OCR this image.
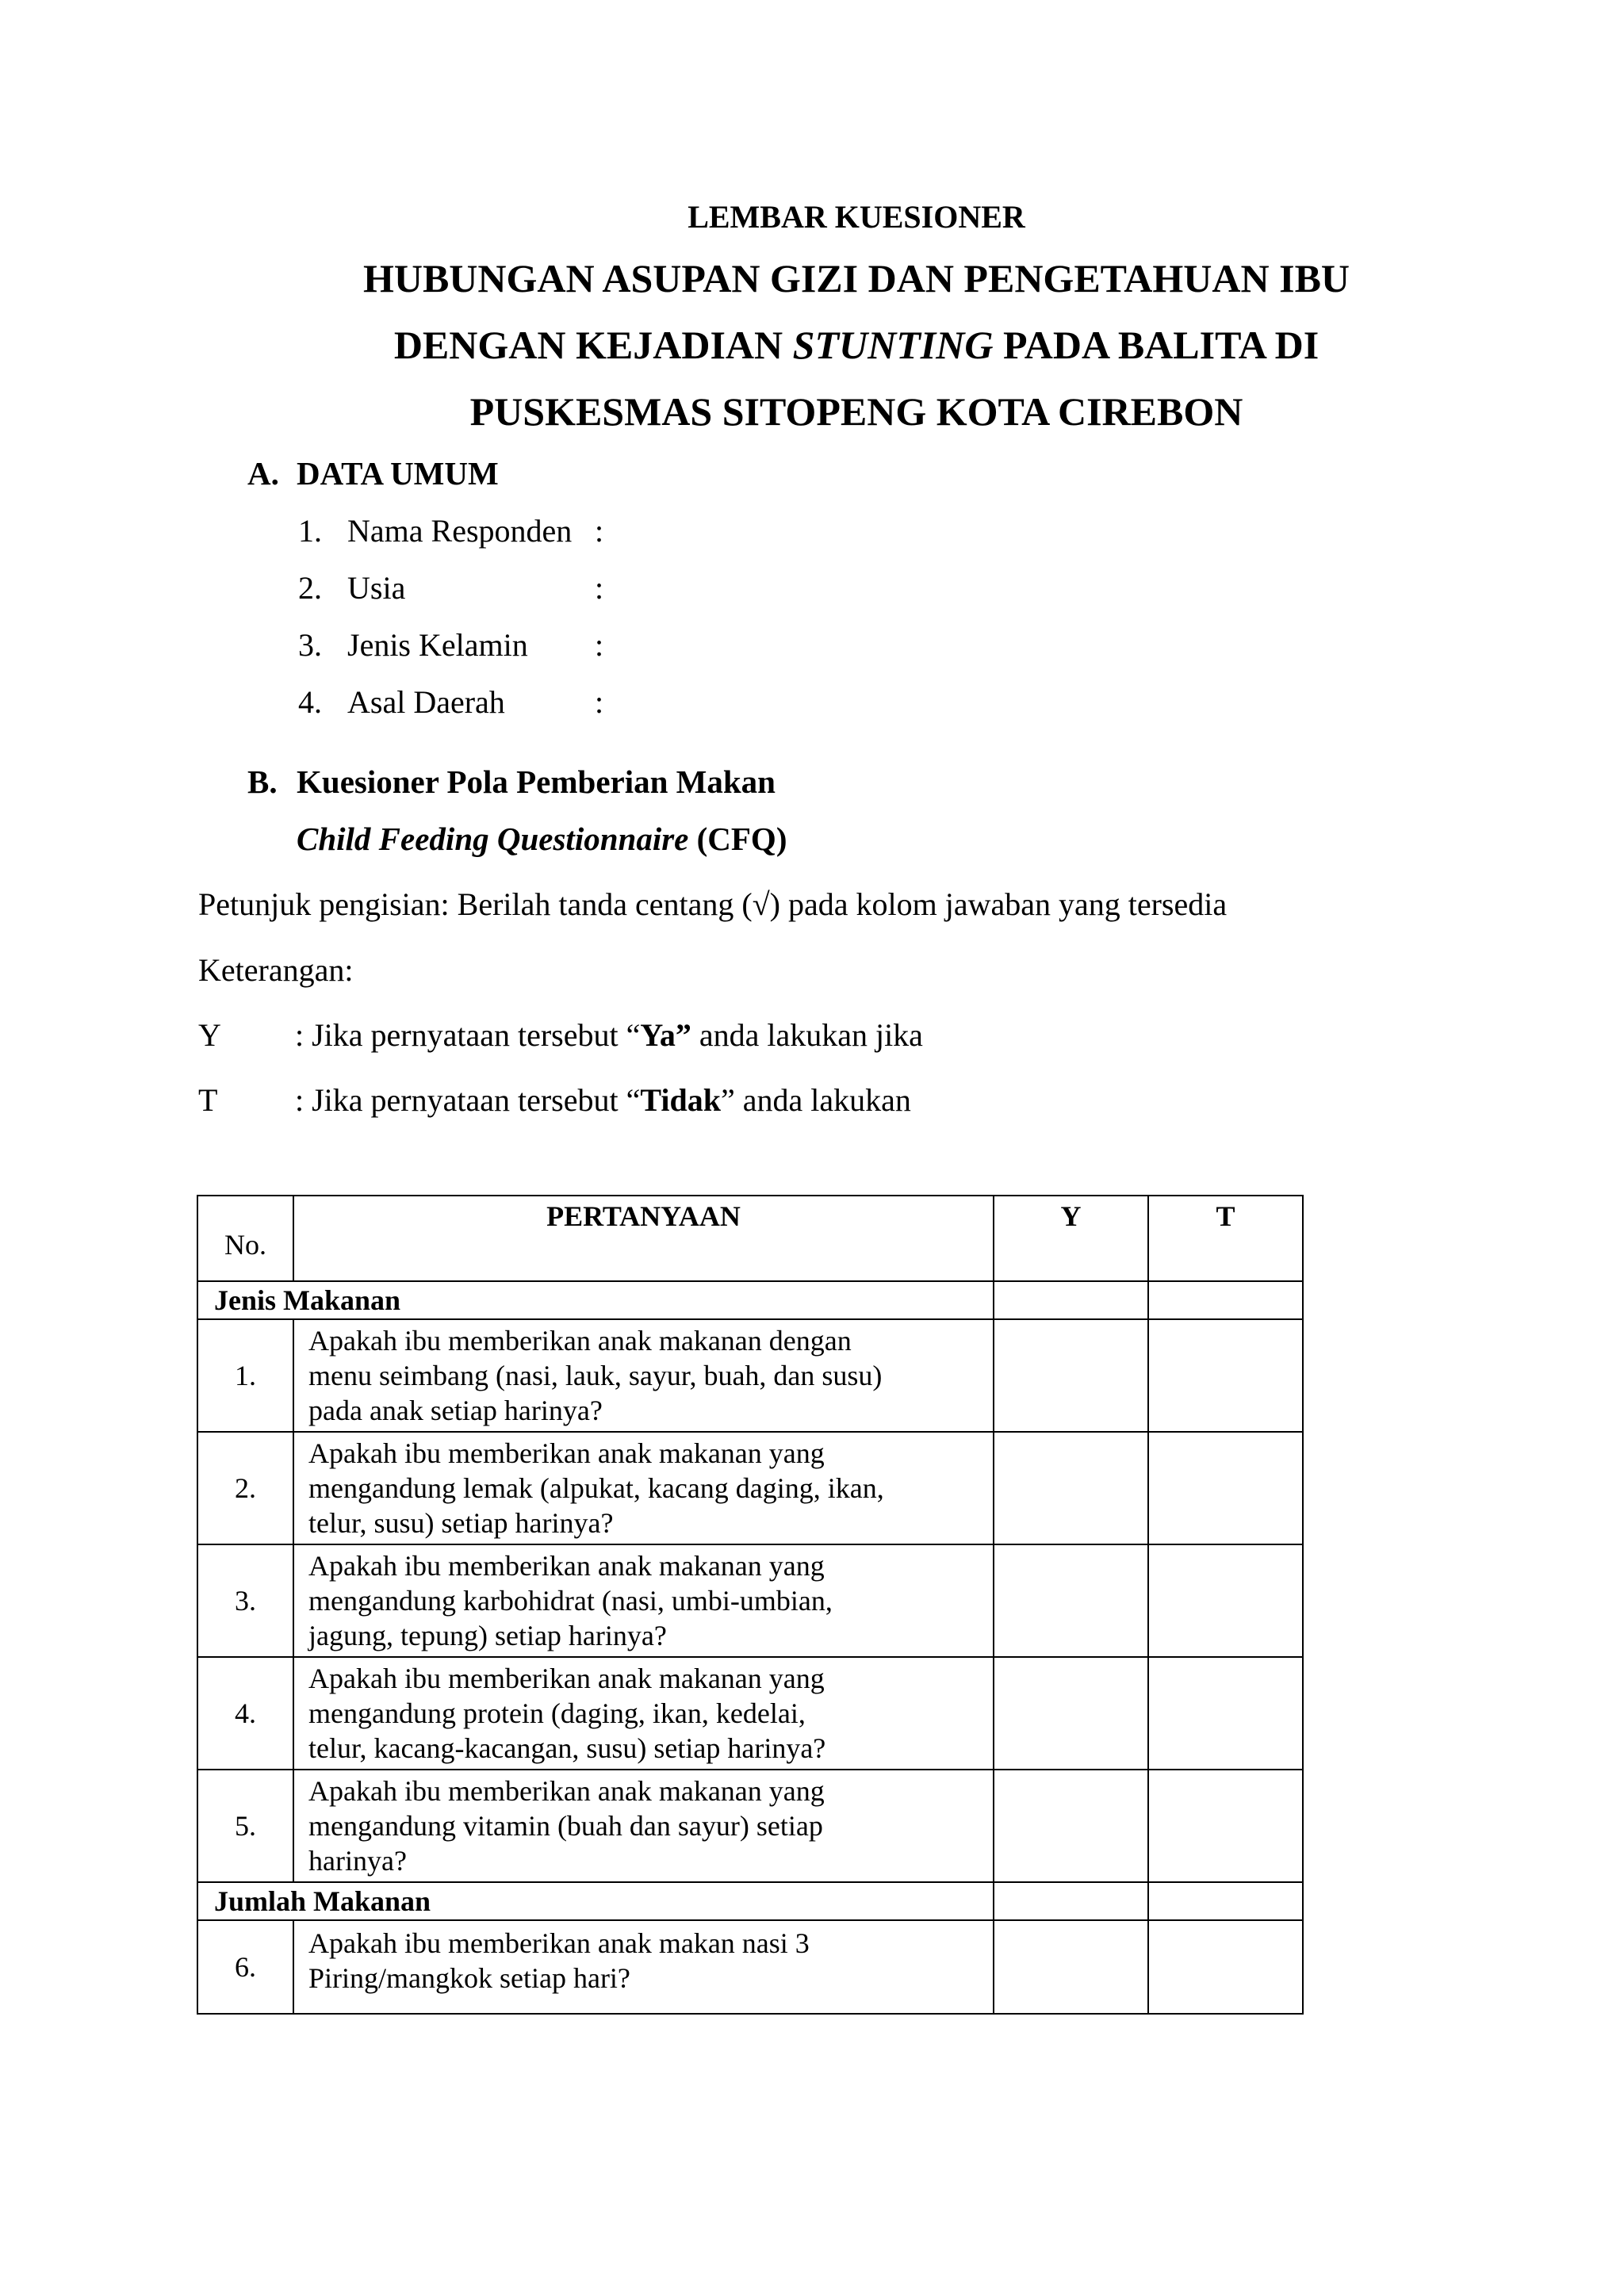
LEMBAR KUESIONER
HUBUNGAN ASUPAN GIZI DAN PENGETAHUAN IBU
DENGAN KEJADIAN STUNTING PADA BALITA DI
PUSKESMAS SITOPENG KOTA CIREBON
A. DATA UMUM
1. Nama Responden :
2. Usia	:
3. Jenis Kelamin :
4. Asal Daerah	:
B. Kuesioner Pola Pemberian Makan
Child Feeding Questionnaire (CFQ)
Petunjuk pengisian: Berilah tanda centang (√) pada kolom jawaban yang tersedia
Keterangan:
Y : Jika pernyataan tersebut “Ya” anda lakukan jika
T : Jika pernyataan tersebut “Tidak” anda lakukan
No.	PERTANYAAN	Y	T
Jenis Makanan			
1.	Apakah ibu memberikan anak makanan dengan
menu seimbang (nasi, lauk, sayur, buah, dan susu)
pada anak setiap harinya?		

2.	Apakah ibu memberikan anak makanan yang
mengandung lemak (alpukat, kacang daging, ikan,
telur, susu) setiap harinya?		

3.	Apakah ibu memberikan anak makanan yang
mengandung karbohidrat (nasi, umbi-umbian,
jagung, tepung) setiap harinya?		

4.	Apakah ibu memberikan anak makanan yang
mengandung protein (daging, ikan, kedelai,
telur, kacang-kacangan, susu) setiap harinya?		

5.	Apakah ibu memberikan anak makanan yang
mengandung vitamin (buah dan sayur) setiap
harinya?		

Jumlah Makanan			
6.	Apakah ibu memberikan anak makan nasi 3
Piring/mangkok setiap hari?		
